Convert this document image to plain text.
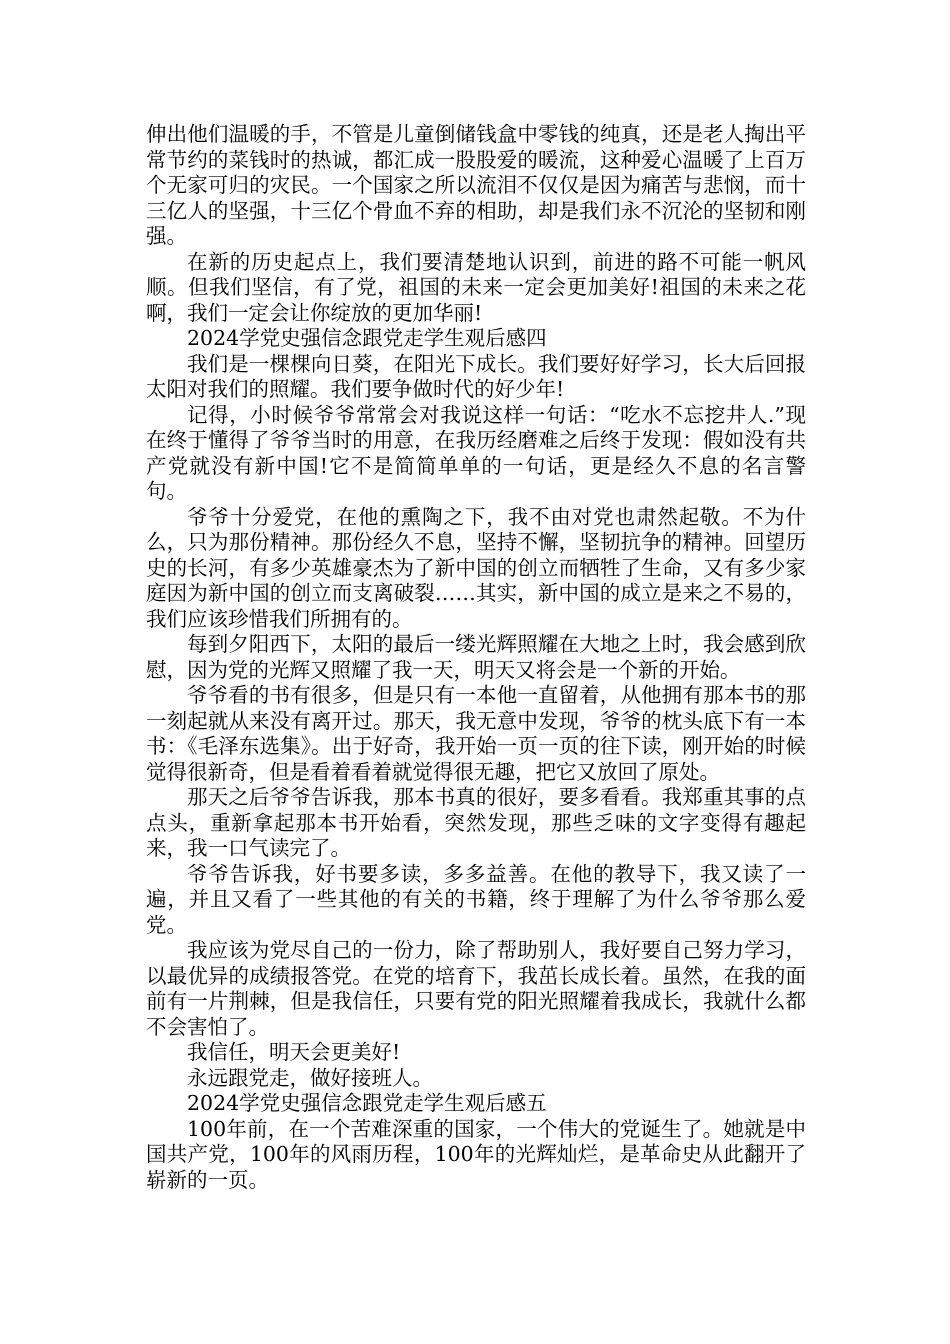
伸出他们温暖的手，不管是儿童倒储钱盒中零钱的纯真，还是老人掏出平常节约的菜钱时的热诚，都汇成一股股爱的暖流，这种爱心温暖了上百万个无家可归的灾民。一个国家之所以流泪不仅仅是因为痛苦与悲悯，而十三亿人的坚强，十三亿个骨血不弃的相助，却是我们永不沉沦的坚韧和刚强。

在新的历史起点上，我们要清楚地认识到，前进的路不可能一帆风顺。但我们坚信，有了党，祖国的未来一定会更加美好!祖国的未来之花啊，我们一定会让你绽放的更加华丽!

2024学党史强信念跟党走学生观后感四

我们是一棵棵向日葵，在阳光下成长。我们要好好学习，长大后回报太阳对我们的照耀。我们要争做时代的好少年!

记得，小时候爷爷常常会对我说这样一句话：“吃水不忘挖井人.”现在终于懂得了爷爷当时的用意，在我历经磨难之后终于发现：假如没有共产党就没有新中国!它不是简简单单的一句话，更是经久不息的名言警句。

爷爷十分爱党，在他的熏陶之下，我不由对党也肃然起敬。不为什么，只为那份精神。那份经久不息，坚持不懈，坚韧抗争的精神。回望历史的长河，有多少英雄豪杰为了新中国的创立而牺牲了生命，又有多少家庭因为新中国的创立而支离破裂……其实，新中国的成立是来之不易的，我们应该珍惜我们所拥有的。

每到夕阳西下，太阳的最后一缕光辉照耀在大地之上时，我会感到欣慰，因为党的光辉又照耀了我一天，明天又将会是一个新的开始。

爷爷看的书有很多，但是只有一本他一直留着，从他拥有那本书的那一刻起就从来没有离开过。那天，我无意中发现，爷爷的枕头底下有一本书：《毛泽东选集》。出于好奇，我开始一页一页的往下读，刚开始的时候觉得很新奇，但是看着看着就觉得很无趣，把它又放回了原处。

那天之后爷爷告诉我，那本书真的很好，要多看看。我郑重其事的点点头，重新拿起那本书开始看，突然发现，那些乏味的文字变得有趣起来，我一口气读完了。

爷爷告诉我，好书要多读，多多益善。在他的教导下，我又读了一遍，并且又看了一些其他的有关的书籍，终于理解了为什么爷爷那么爱党。

我应该为党尽自己的一份力，除了帮助别人，我好要自己努力学习，以最优异的成绩报答党。在党的培育下，我茁长成长着。虽然，在我的面前有一片荆棘，但是我信任，只要有党的阳光照耀着我成长，我就什么都不会害怕了。

我信任，明天会更美好!

永远跟党走，做好接班人。

2024学党史强信念跟党走学生观后感五

100年前，在一个苦难深重的国家，一个伟大的党诞生了。她就是中国共产党，100年的风雨历程，100年的光辉灿烂，是革命史从此翻开了崭新的一页。
